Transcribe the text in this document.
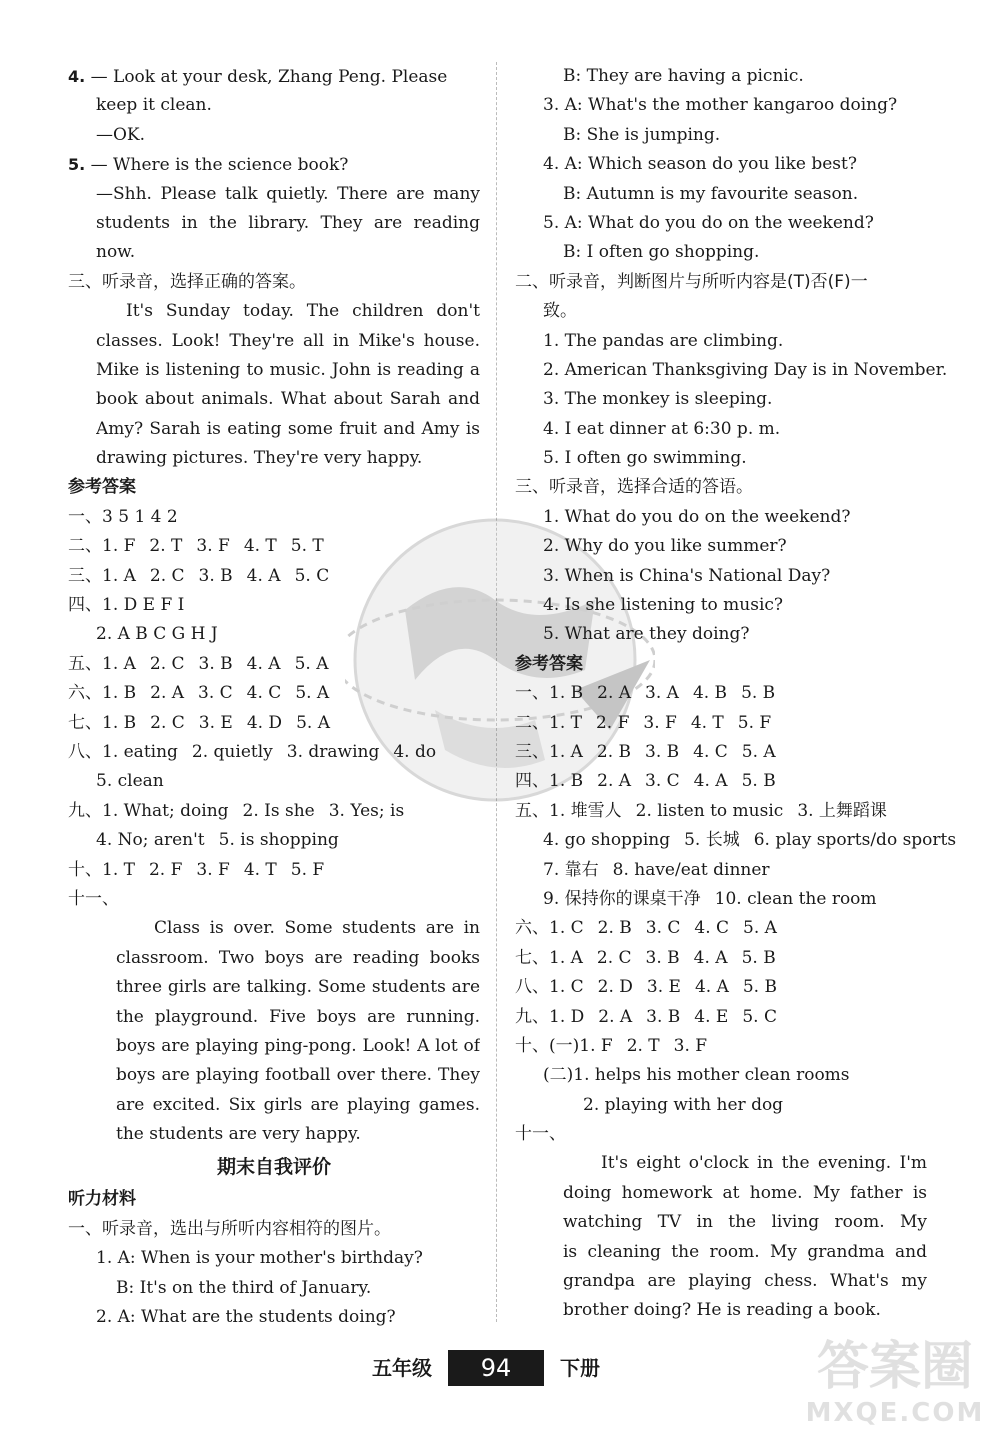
4. — Look at your desk, Zhang Peng. Please
keep it clean.
—OK.
5. — Where is the science book?
—Shh. Please talk quietly. There are many
students in the library. They are reading
now.
三、听录音，选择正确的答案。
It's Sunday today. The children don't
classes. Look! They're all in Mike's house.
Mike is listening to music. John is reading a
book about animals. What about Sarah and
Amy? Sarah is eating some fruit and Amy is
drawing pictures. They're very happy.
参考答案
一、3 5 1 4 2
二、1. F 2. T 3. F 4. T 5. T
三、1. A 2. C 3. B 4. A 5. C
四、1. D E F I
2. A B C G H J
五、1. A 2. C 3. B 4. A 5. A
六、1. B 2. A 3. C 4. C 5. A
七、1. B 2. C 3. E 4. D 5. A
八、1. eating 2. quietly 3. drawing 4. do
5. clean
九、1. What; doing 2. Is she 3. Yes; is
4. No; aren't 5. is shopping
十、1. T 2. F 3. F 4. T 5. F
十一、
Class is over. Some students are in
classroom. Two boys are reading books
three girls are talking. Some students are
the playground. Five boys are running.
boys are playing ping-pong. Look! A lot of
boys are playing football over there. They
are excited. Six girls are playing games.
the students are very happy.
期末自我评价
听力材料
一、听录音，选出与所听内容相符的图片。
1. A: When is your mother's birthday?
B: It's on the third of January.
2. A: What are the students doing?
B: They are having a picnic.
3. A: What's the mother kangaroo doing?
B: She is jumping.
4. A: Which season do you like best?
B: Autumn is my favourite season.
5. A: What do you do on the weekend?
B: I often go shopping.
二、听录音，判断图片与所听内容是(T)否(F)一
致。
1. The pandas are climbing.
2. American Thanksgiving Day is in November.
3. The monkey is sleeping.
4. I eat dinner at 6:30 p. m.
5. I often go swimming.
三、听录音，选择合适的答语。
1. What do you do on the weekend?
2. Why do you like summer?
3. When is China's National Day?
4. Is she listening to music?
5. What are they doing?
参考答案
一、1. B 2. A 3. A 4. B 5. B
二、1. T 2. F 3. F 4. T 5. F
三、1. A 2. B 3. B 4. C 5. A
四、1. B 2. A 3. C 4. A 5. B
五、1. 堆雪人 2. listen to music 3. 上舞蹈课
4. go shopping 5. 长城 6. play sports/do sports
7. 靠右 8. have/eat dinner
9. 保持你的课桌干净 10. clean the room
六、1. C 2. B 3. C 4. C 5. A
七、1. A 2. C 3. B 4. A 5. B
八、1. C 2. D 3. E 4. A 5. B
九、1. D 2. A 3. B 4. E 5. C
十、(一)1. F 2. T 3. F
(二)1. helps his mother clean rooms
2. playing with her dog
十一、
It's eight o'clock in the evening. I'm
doing homework at home. My father is
watching TV in the living room. My
is cleaning the room. My grandma and
grandpa are playing chess. What's my
brother doing? He is reading a book.
五年级	94	下册	答案圈
MXQE.COM
